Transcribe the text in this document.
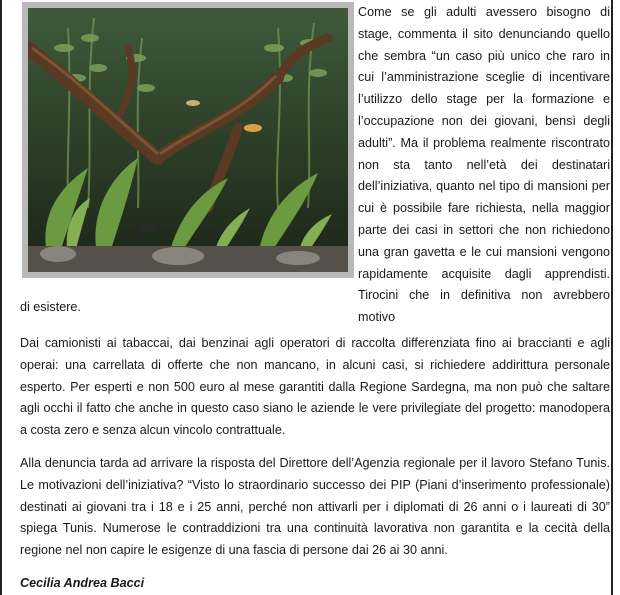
Come se gli adulti avessero bisogno di stage, commenta il sito denunciando quello che sembra “un caso più unico che raro in cui l’amministrazione sceglie di incentivare l’utilizzo dello stage per la formazione e l’occupazione non dei giovani, bensì degli adulti”. Ma il problema realmente riscontrato non sta tanto nell’età dei destinatari dell’iniziativa, quanto nel tipo di mansioni per cui è possibile fare richiesta, nella maggior parte dei casi in settori che non richiedono una gran gavetta e le cui mansioni vengono rapidamente acquisite dagli apprendisti. Tirocini che in definitiva non avrebbero motivo
di esistere.
Dai camionisti ai tabaccai, dai benzinai agli operatori di raccolta differenziata fino ai braccianti e agli operai: una carrellata di offerte che non mancano, in alcuni casi, si richiedere addirittura personale esperto. Per esperti e non 500 euro al mese garantiti dalla Regione Sardegna, ma non può che saltare agli occhi il fatto che anche in questo caso siano le aziende le vere privilegiate del progetto: manodopera a costa zero e senza alcun vincolo contrattuale.
Alla denuncia tarda ad arrivare la risposta del Direttore dell’Agenzia regionale per il lavoro Stefano Tunis. Le motivazioni dell’iniziativa? “Visto lo straordinario successo dei PIP (Piani d’inserimento professionale) destinati ai giovani tra i 18 e i 25 anni, perché non attivarli per i diplomati di 26 anni o i laureati di 30” spiega Tunis. Numerose le contraddizioni tra una continuità lavorativa non garantita e la cecità della regione nel non capire le esigenze di una fascia di persone dai 26 ai 30 anni.
Cecilia Andrea Bacci
